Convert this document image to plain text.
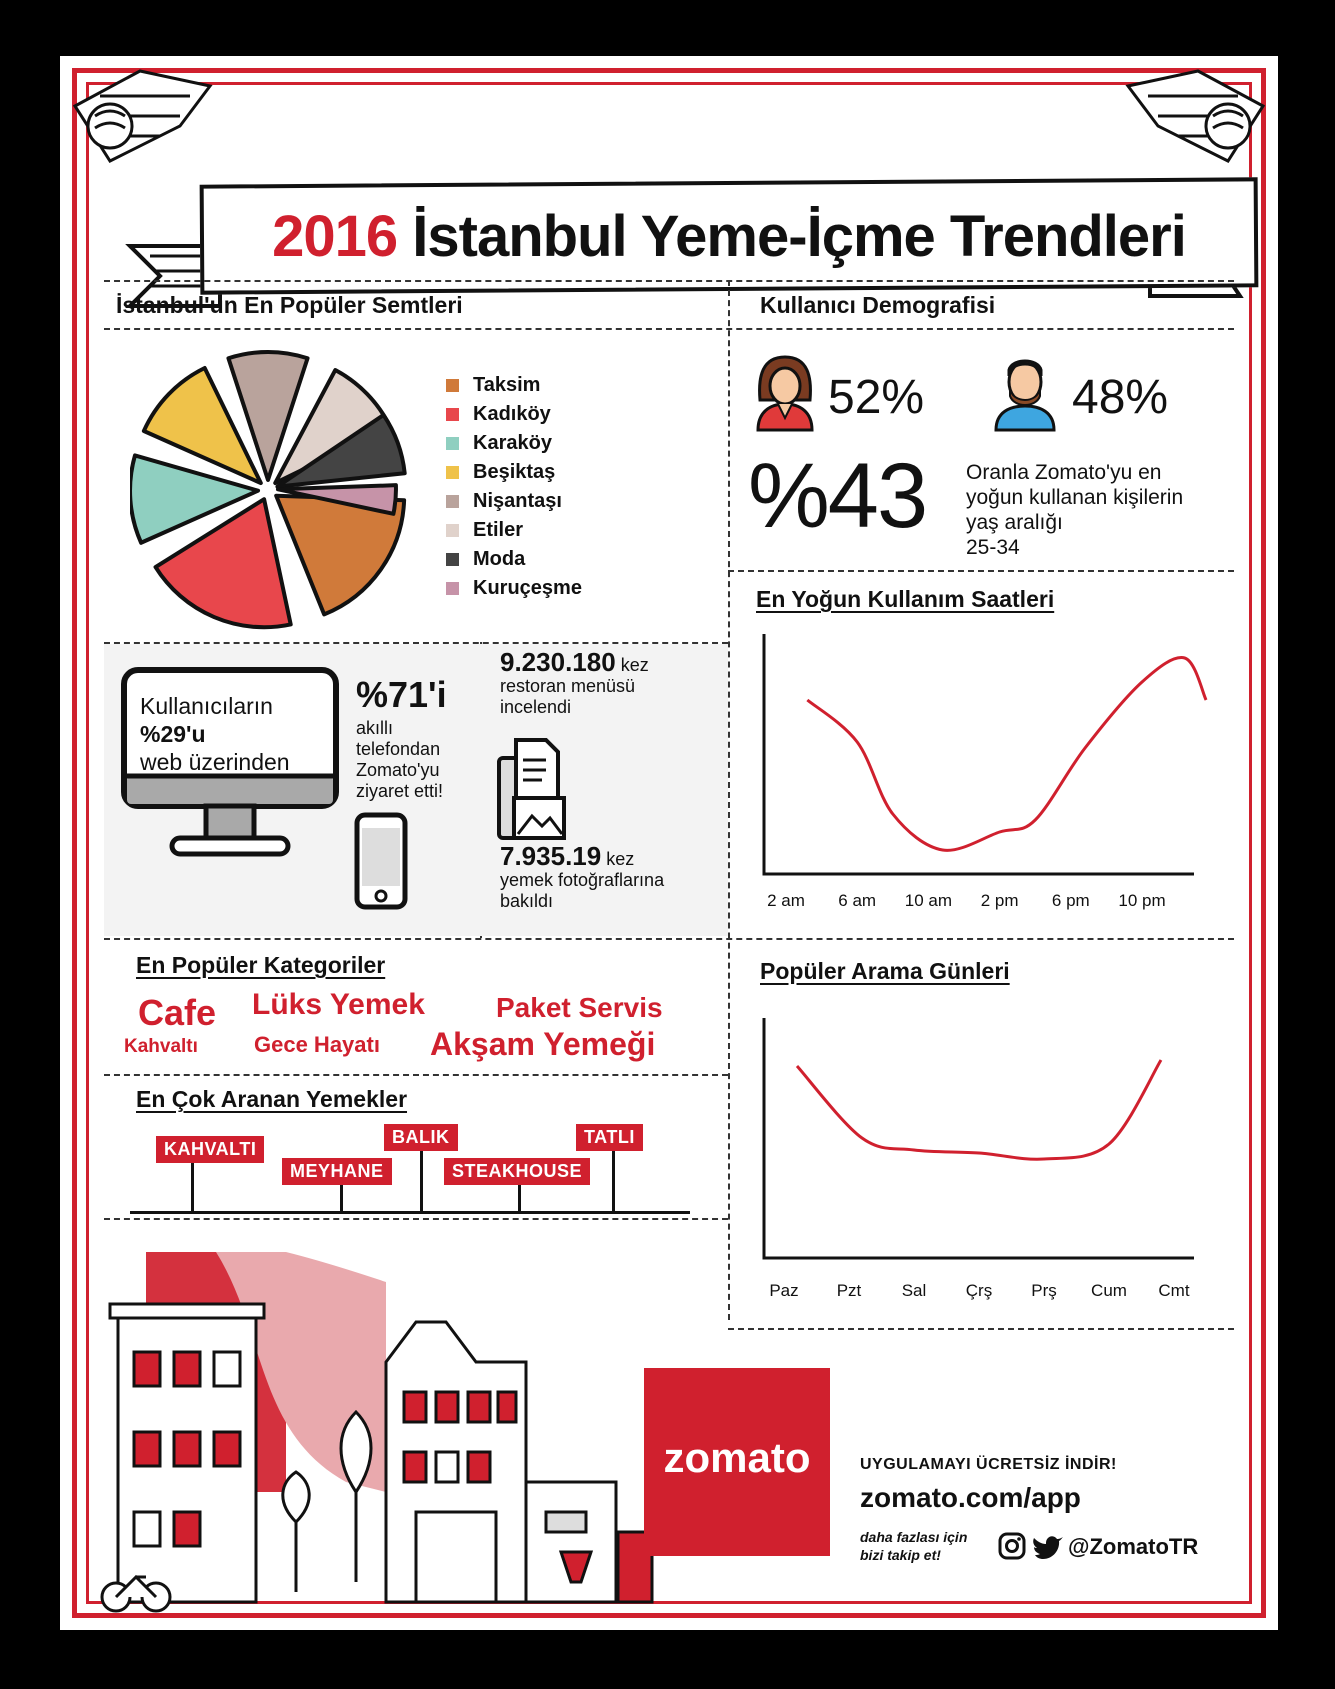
2016 İstanbul Yeme-İçme Trendleri
İstanbul'un En Popüler Semtleri
Taksim
Kadıköy
Karaköy
Beşiktaş
Nişantaşı
Etiler
Moda
Kuruçeşme
Kullanıcı Demografisi
52%	48%
%43 Oranla Zomato'yu en yoğun kullanan kişilerin yaş aralığı
25-34
Kullanıcıların
%29'u
web üzerinden
%71'i
akıllı
telefondan
Zomato'yu
ziyaret etti!
9.230.180 kez
restoran menüsü
incelendi
7.935.19 kez
yemek fotoğraflarına
bakıldı
En Yoğun Kullanım Saatleri
2 am 6 am 10 am 2 pm 6 pm 10 pm
En Popüler Kategoriler
Cafe Lüks Yemek	Paket Servis
Kahvaltı	Gece Hayatı Akşam Yemeği
En Çok Aranan Yemekler
KAHVALTI
MEYHANE
BALIK
STEAKHOUSE
TATLI
Popüler Arama Günleri
Paz Pzt Sal Çrş Prş Cum Cmt
zomato	UYGULAMAYI ÜCRETSİZ İNDİR!
zomato.com/app
daha fazlası için
bizi takip et!	@ZomatoTR
